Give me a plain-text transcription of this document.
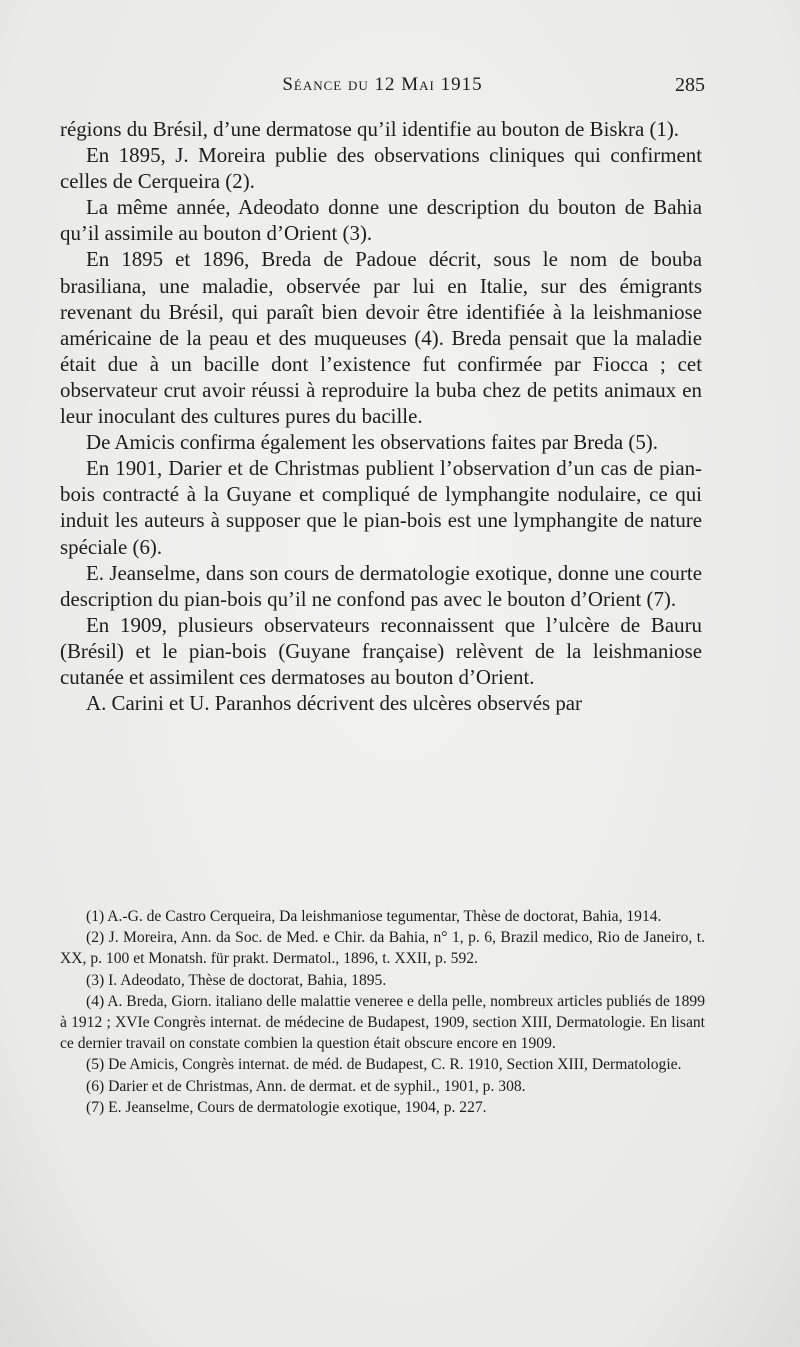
Séance du 12 Mai 1915	285

régions du Brésil, d’une dermatose qu’il identifie au bouton de Biskra (1).

En 1895, J. Moreira publie des observations cliniques qui confirment celles de Cerqueira (2).

La même année, Adeodato donne une description du bouton de Bahia qu’il assimile au bouton d’Orient (3).

En 1895 et 1896, Breda de Padoue décrit, sous le nom de bouba brasiliana, une maladie, observée par lui en Italie, sur des émigrants revenant du Brésil, qui paraît bien devoir être identifiée à la leishmaniose américaine de la peau et des muqueuses (4). Breda pensait que la maladie était due à un bacille dont l’existence fut confirmée par Fiocca ; cet observateur crut avoir réussi à reproduire la buba chez de petits animaux en leur inoculant des cultures pures du bacille.

De Amicis confirma également les observations faites par Breda (5).

En 1901, Darier et de Christmas publient l’observation d’un cas de pian-bois contracté à la Guyane et compliqué de lymphangite nodulaire, ce qui induit les auteurs à supposer que le pian-bois est une lymphangite de nature spéciale (6).

E. Jeanselme, dans son cours de dermatologie exotique, donne une courte description du pian-bois qu’il ne confond pas avec le bouton d’Orient (7).

En 1909, plusieurs observateurs reconnaissent que l’ulcère de Bauru (Brésil) et le pian-bois (Guyane française) relèvent de la leishmaniose cutanée et assimilent ces dermatoses au bouton d’Orient.

A. Carini et U. Paranhos décrivent des ulcères observés par

(1) A.-G. de Castro Cerqueira, Da leishmaniose tegumentar, Thèse de doctorat, Bahia, 1914.

(2) J. Moreira, Ann. da Soc. de Med. e Chir. da Bahia, n° 1, p. 6, Brazil medico, Rio de Janeiro, t. XX, p. 100 et Monatsh. für prakt. Dermatol., 1896, t. XXII, p. 592.

(3) I. Adeodato, Thèse de doctorat, Bahia, 1895.

(4) A. Breda, Giorn. italiano delle malattie veneree e della pelle, nombreux articles publiés de 1899 à 1912 ; XVIe Congrès internat. de médecine de Budapest, 1909, section XIII, Dermatologie. En lisant ce dernier travail on constate combien la question était obscure encore en 1909.

(5) De Amicis, Congrès internat. de méd. de Budapest, C. R. 1910, Section XIII, Dermatologie.

(6) Darier et de Christmas, Ann. de dermat. et de syphil., 1901, p. 308.

(7) E. Jeanselme, Cours de dermatologie exotique, 1904, p. 227.
